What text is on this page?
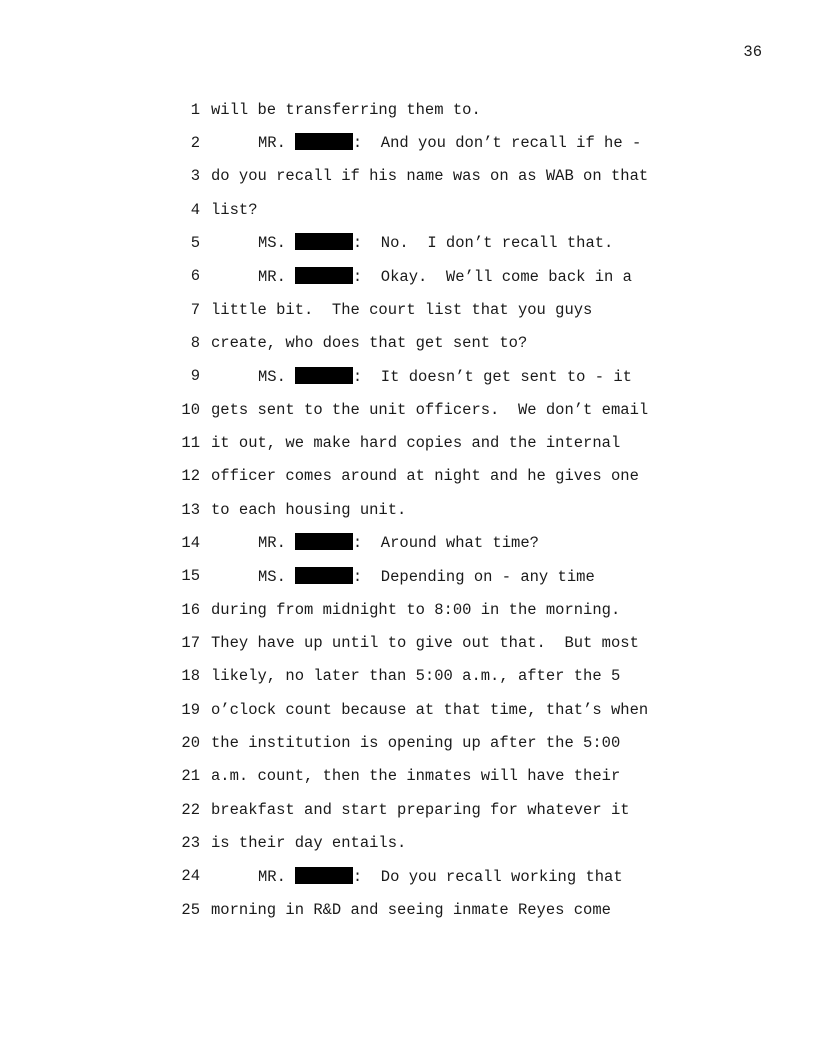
36
1 will be transferring them to.
2	MR.	:  And you don’t recall if he -
3 do you recall if his name was on as WAB on that
4 list?
5	MS.	:  No.  I don’t recall that.
6	MR.	:  Okay.  We’ll come back in a
7 little bit.  The court list that you guys
8 create, who does that get sent to?
9	MS.	:  It doesn’t get sent to - it
10 gets sent to the unit officers.  We don’t email
11 it out, we make hard copies and the internal
12 officer comes around at night and he gives one
13 to each housing unit.
14	MR.	:  Around what time?
15	MS.	:  Depending on - any time
16 during from midnight to 8:00 in the morning.
17 They have up until to give out that.  But most
18 likely, no later than 5:00 a.m., after the 5
19 o’clock count because at that time, that’s when
20 the institution is opening up after the 5:00
21 a.m. count, then the inmates will have their
22 breakfast and start preparing for whatever it
23 is their day entails.
24	MR.	:  Do you recall working that
25 morning in R&D and seeing inmate Reyes come
